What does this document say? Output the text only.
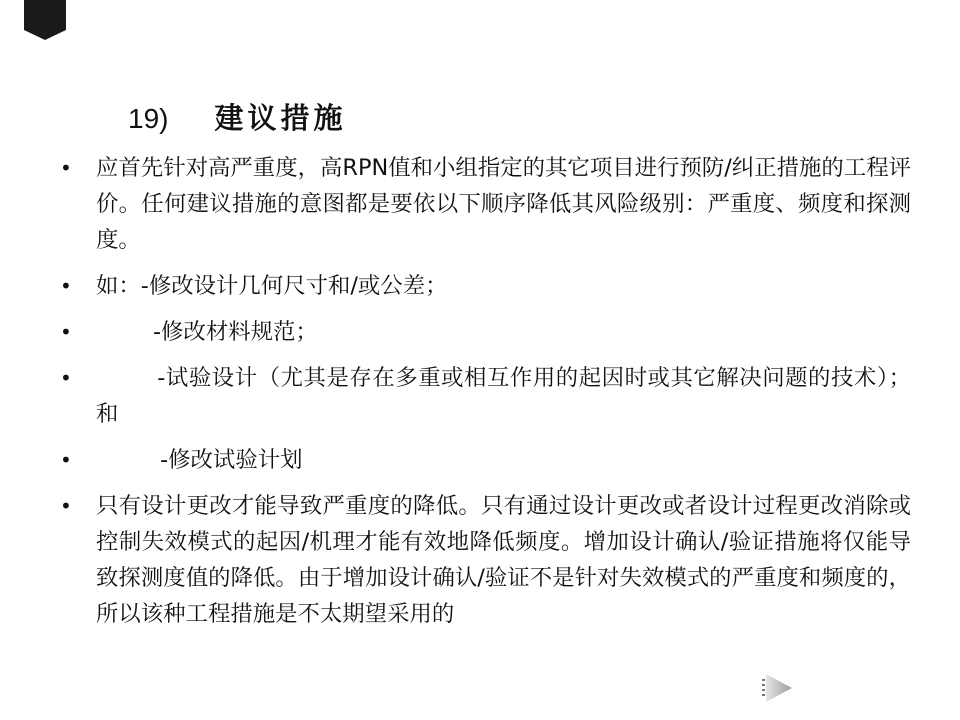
19) 建议措施
• 应首先针对高严重度，高RPN值和小组指定的其它项目进行预防/纠正措施的工程评价。任何建议措施的意图都是要依以下顺序降低其风险级别：严重度、频度和探测度。
• 如：-修改设计几何尺寸和/或公差；
•         -修改材料规范；
•         -试验设计（尤其是存在多重或相互作用的起因时或其它解决问题的技术）；和
•          -修改试验计划
• 只有设计更改才能导致严重度的降低。只有通过设计更改或者设计过程更改消除或控制失效模式的起因/机理才能有效地降低频度。增加设计确认/验证措施将仅能导致探测度值的降低。由于增加设计确认/验证不是针对失效模式的严重度和频度的，所以该种工程措施是不太期望采用的
